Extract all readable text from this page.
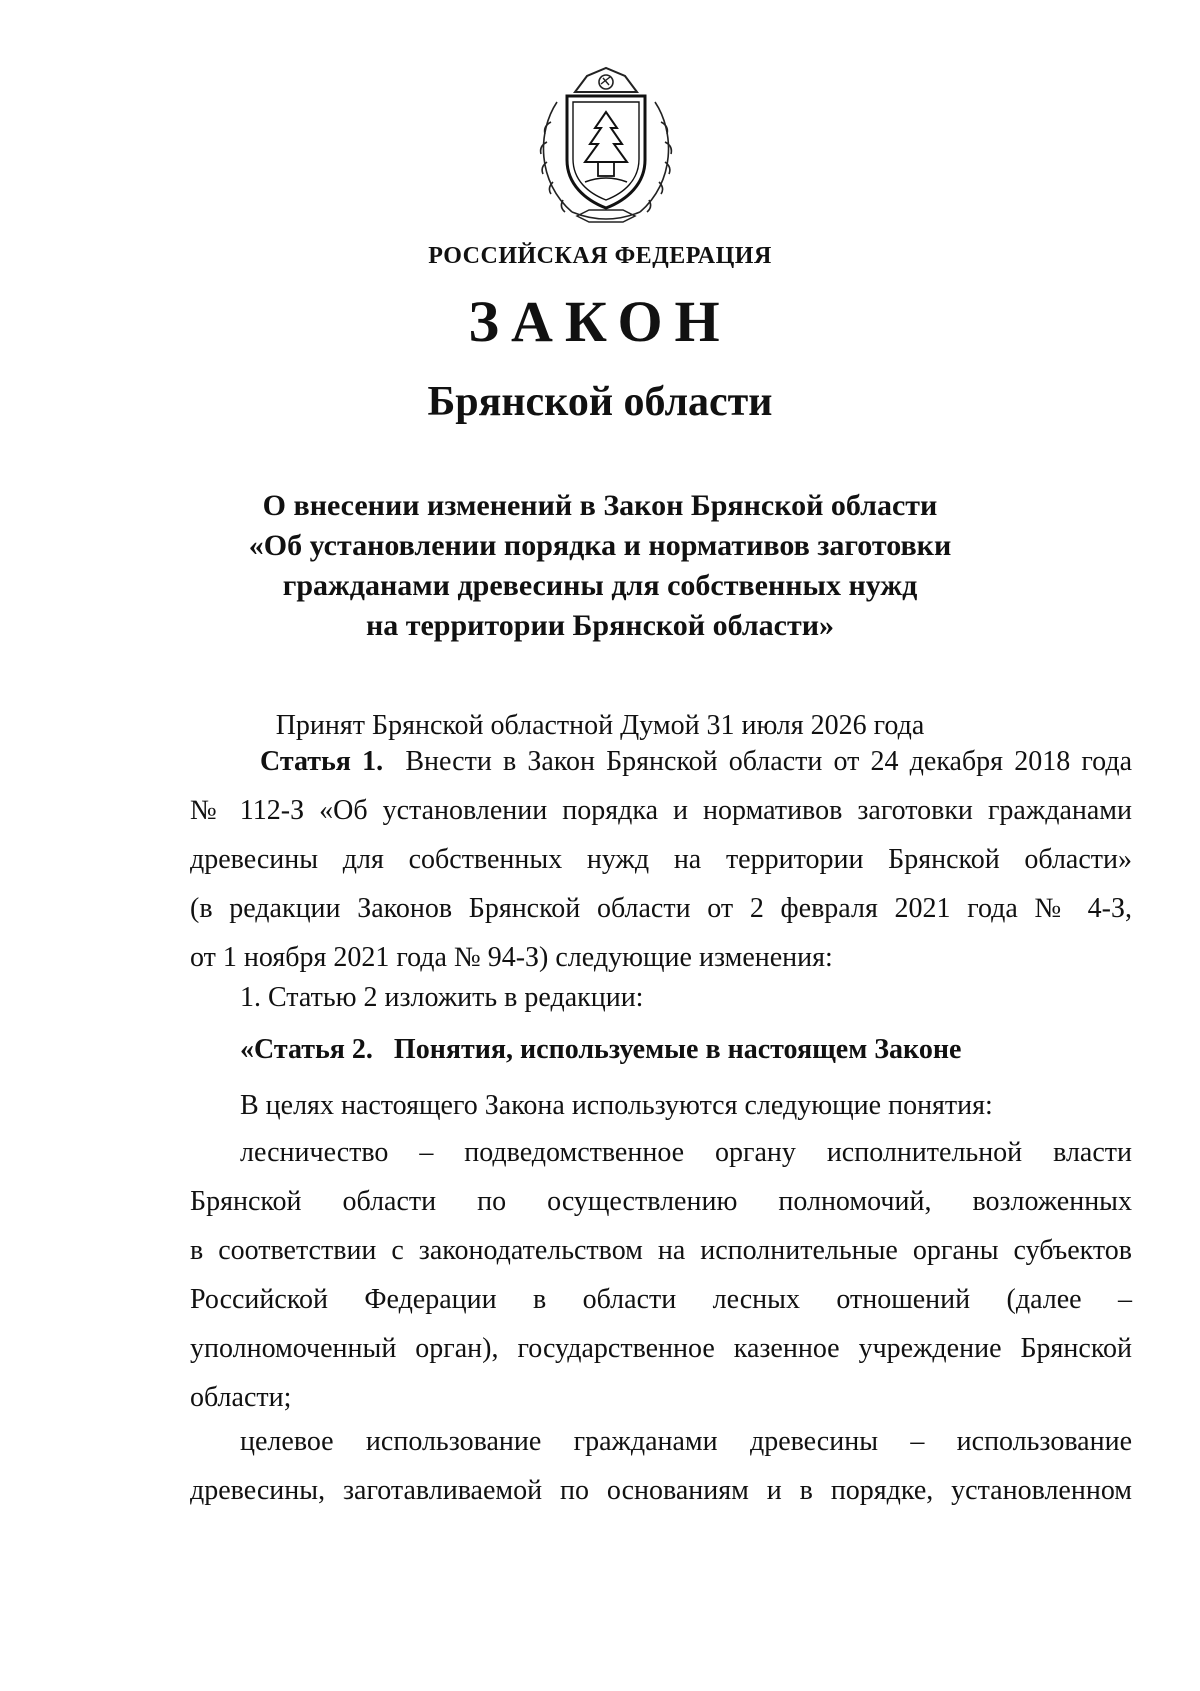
РОССИЙСКАЯ ФЕДЕРАЦИЯ
ЗАКОН
Брянской области
О внесении изменений в Закон Брянской области
«Об установлении порядка и нормативов заготовки
гражданами древесины для собственных нужд
на территории Брянской области»
Принят Брянской областной Думой 31 июля 2026 года
Статья 1. Внести в Закон Брянской области от 24 декабря 2018 года
№ 112-З «Об установлении порядка и нормативов заготовки гражданами
древесины для собственных нужд на территории Брянской области»
(в редакции Законов Брянской области от 2 февраля 2021 года № 4-З,
от 1 ноября 2021 года № 94-З) следующие изменения:
1. Статью 2 изложить в редакции:
«Статья 2.   Понятия, используемые в настоящем Законе
В целях настоящего Закона используются следующие понятия:
лесничество – подведомственное органу исполнительной власти
Брянской области по осуществлению полномочий, возложенных
в соответствии с законодательством на исполнительные органы субъектов
Российской Федерации в области лесных отношений (далее –
уполномоченный орган), государственное казенное учреждение Брянской
области;
целевое использование гражданами древесины – использование
древесины, заготавливаемой по основаниям и в порядке, установленном
